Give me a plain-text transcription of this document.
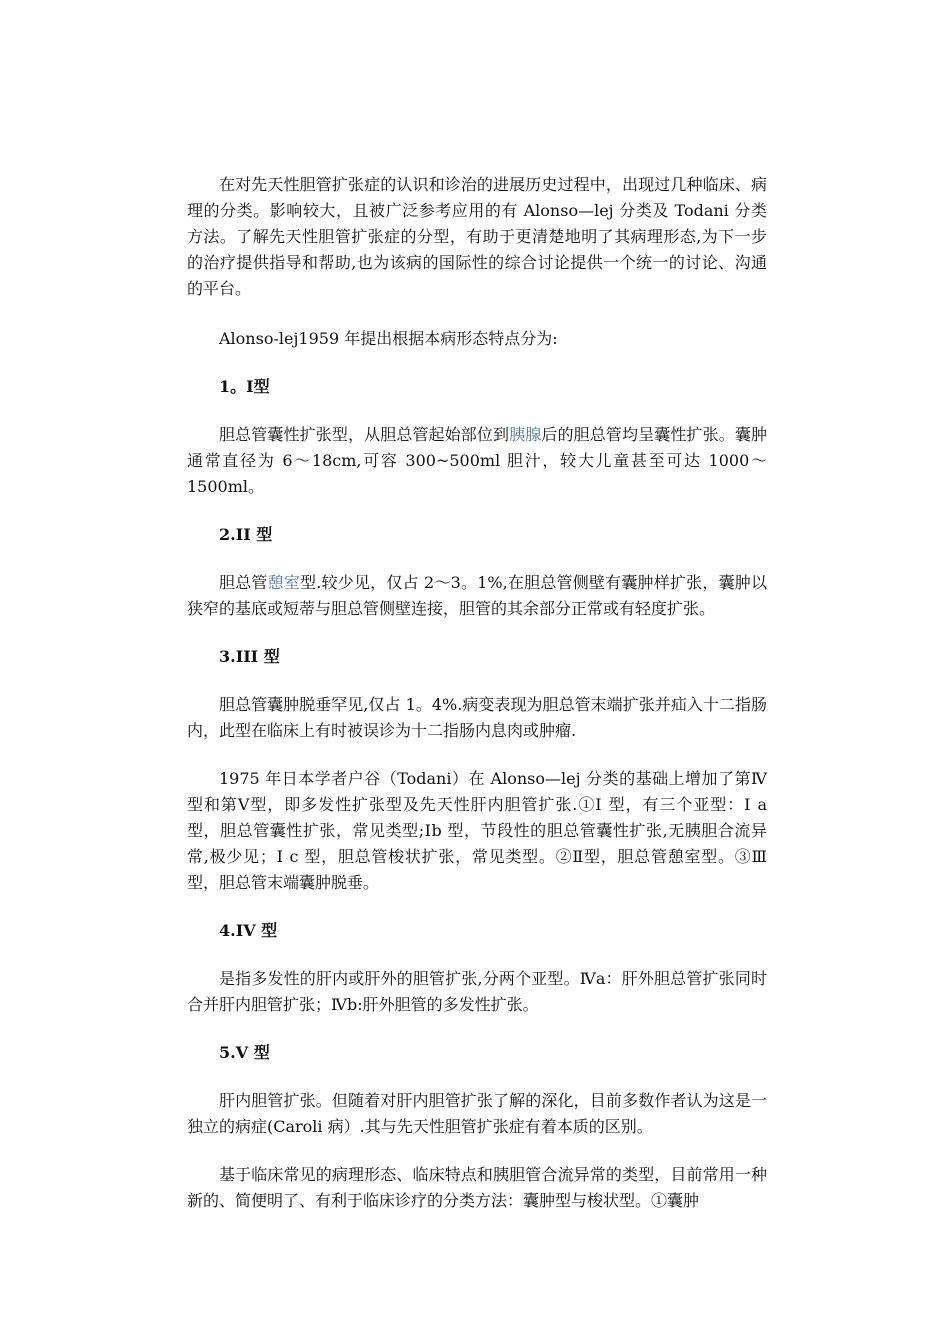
在对先天性胆管扩张症的认识和诊治的进展历史过程中，出现过几种临床、病理的分类。影响较大，且被广泛参考应用的有 Alonso—lej 分类及 Todani 分类方法。了解先天性胆管扩张症的分型，有助于更清楚地明了其病理形态,为下一步的治疗提供指导和帮助,也为该病的国际性的综合讨论提供一个统一的讨论、沟通的平台。

Alonso-lej1959 年提出根据本病形态特点分为:

1。Ⅰ型

胆总管囊性扩张型，从胆总管起始部位到胰腺后的胆总管均呈囊性扩张。囊肿通常直径为 6～18cm,可容 300~500ml 胆汁，较大儿童甚至可达 1000～1500ml。

2.II 型

胆总管憩室型.较少见，仅占 2～3。1%,在胆总管侧壁有囊肿样扩张，囊肿以狭窄的基底或短蒂与胆总管侧壁连接，胆管的其余部分正常或有轻度扩张。

3.III 型

胆总管囊肿脱垂罕见,仅占 1。4%.病变表现为胆总管末端扩张并疝入十二指肠内，此型在临床上有时被误诊为十二指肠内息肉或肿瘤.

1975 年日本学者户谷（Todani）在 Alonso—lej 分类的基础上增加了第Ⅳ型和第Ⅴ型，即多发性扩张型及先天性肝内胆管扩张.①Ⅰ 型，有三个亚型：Ⅰ a 型，胆总管囊性扩张，常见类型;Ⅰb 型，节段性的胆总管囊性扩张,无胰胆合流异常,极少见；Ⅰ c 型，胆总管梭状扩张，常见类型。②Ⅱ型，胆总管憩室型。③Ⅲ型，胆总管末端囊肿脱垂。

4.IV 型

是指多发性的肝内或肝外的胆管扩张,分两个亚型。Ⅳa：肝外胆总管扩张同时合并肝内胆管扩张；Ⅳb:肝外胆管的多发性扩张。

5.V 型

肝内胆管扩张。但随着对肝内胆管扩张了解的深化，目前多数作者认为这是一独立的病症(Caroli 病）.其与先天性胆管扩张症有着本质的区别。

基于临床常见的病理形态、临床特点和胰胆管合流异常的类型，目前常用一种新的、简便明了、有利于临床诊疗的分类方法：囊肿型与梭状型。①囊肿
